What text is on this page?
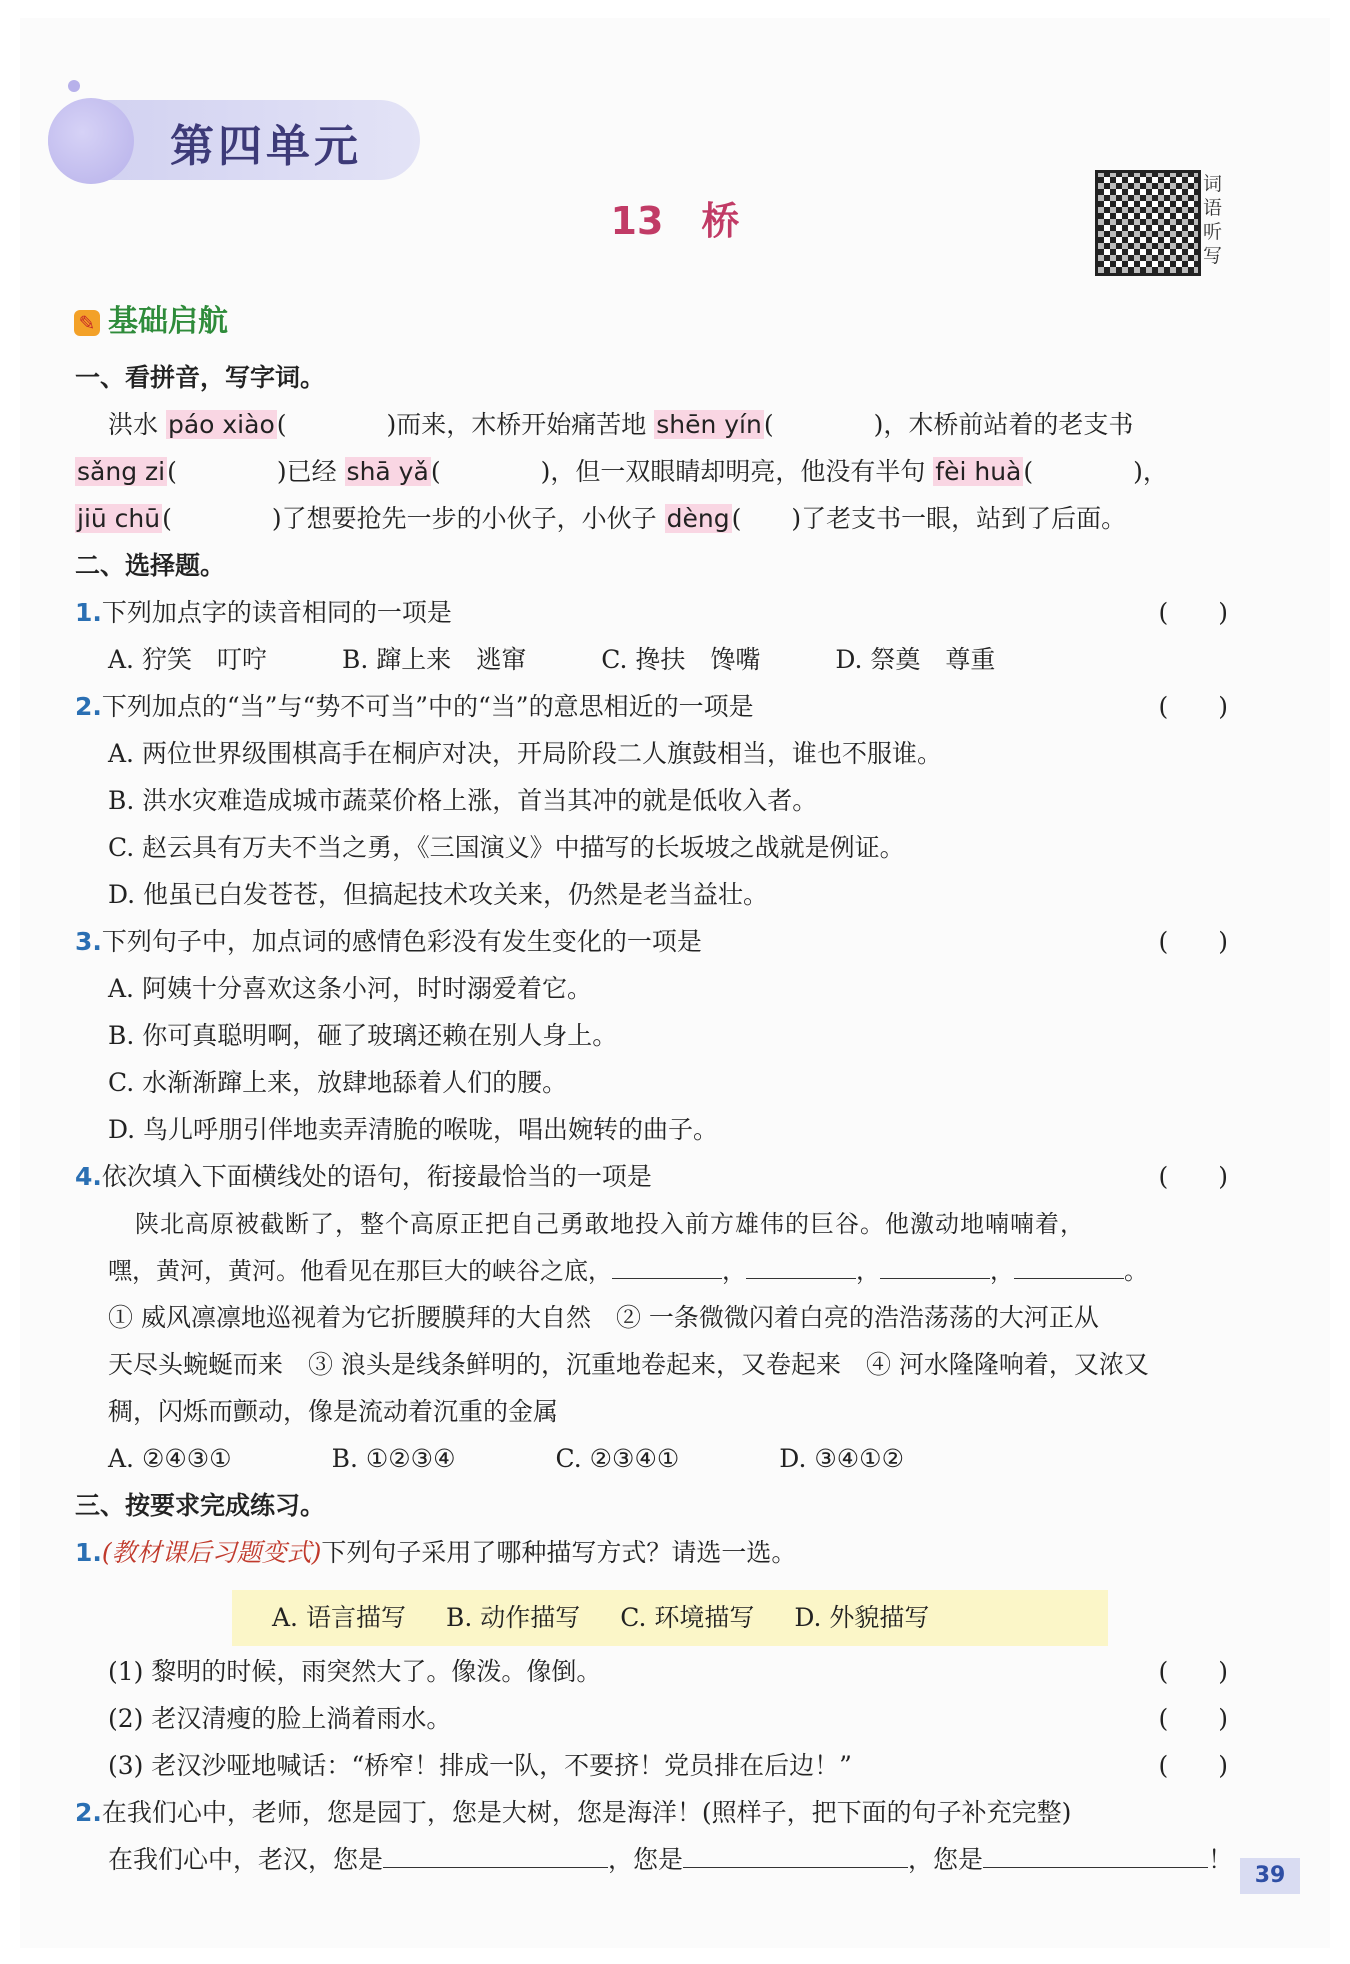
第四单元
13　桥
词语听写
✎ 基础启航
一、看拼音，写字词。
洪水 páo xiào(　　　　)而来，木桥开始痛苦地 shēn yín(　　　　)，木桥前站着的老支书
sǎng zi(　　　　)已经 shā yǎ(　　　　)，但一双眼睛却明亮，他没有半句 fèi huà(　　　　)，
jiū chū(　　　　)了想要抢先一步的小伙子，小伙子 dèng(　　)了老支书一眼，站到了后面。
二、选择题。
1.下列加点字的读音相同的一项是	(　　)
A. 狞笑　叮咛　　　B. 蹿上来　逃窜　　　C. 搀扶　馋嘴　　　D. 祭奠　尊重
2.下列加点的“当”与“势不可当”中的“当”的意思相近的一项是	(　　)
A. 两位世界级围棋高手在桐庐对决，开局阶段二人旗鼓相当，谁也不服谁。
B. 洪水灾难造成城市蔬菜价格上涨，首当其冲的就是低收入者。
C. 赵云具有万夫不当之勇，《三国演义》中描写的长坂坡之战就是例证。
D. 他虽已白发苍苍，但搞起技术攻关来，仍然是老当益壮。
3.下列句子中，加点词的感情色彩没有发生变化的一项是	(　　)
A. 阿姨十分喜欢这条小河，时时溺爱着它。
B. 你可真聪明啊，砸了玻璃还赖在别人身上。
C. 水渐渐蹿上来，放肆地舔着人们的腰。
D. 鸟儿呼朋引伴地卖弄清脆的喉咙，唱出婉转的曲子。
4.依次填入下面横线处的语句，衔接最恰当的一项是	(　　)
陕北高原被截断了，整个高原正把自己勇敢地投入前方雄伟的巨谷。他激动地喃喃着，
嘿，黄河，黄河。他看见在那巨大的峡谷之底，	，	，	，	。
① 威风凛凛地巡视着为它折腰膜拜的大自然　② 一条微微闪着白亮的浩浩荡荡的大河正从
天尽头蜿蜒而来　③ 浪头是线条鲜明的，沉重地卷起来，又卷起来　④ 河水隆隆响着，又浓又
稠，闪烁而颤动，像是流动着沉重的金属
A. ②④③①　　　　B. ①②③④　　　　C. ②③④①　　　　D. ③④①②
三、按要求完成练习。
1.(教材课后习题变式)下列句子采用了哪种描写方式？请选一选。
A. 语言描写 B. 动作描写 C. 环境描写 D. 外貌描写
(1) 黎明的时候，雨突然大了。像泼。像倒。	(　　)
(2) 老汉清瘦的脸上淌着雨水。	(　　)
(3) 老汉沙哑地喊话：“桥窄！排成一队，不要挤！党员排在后边！”	(　　)
2.在我们心中，老师，您是园丁，您是大树，您是海洋！(照样子，把下面的句子补充完整)
在我们心中，老汉，您是	，您是	，您是	！
39
